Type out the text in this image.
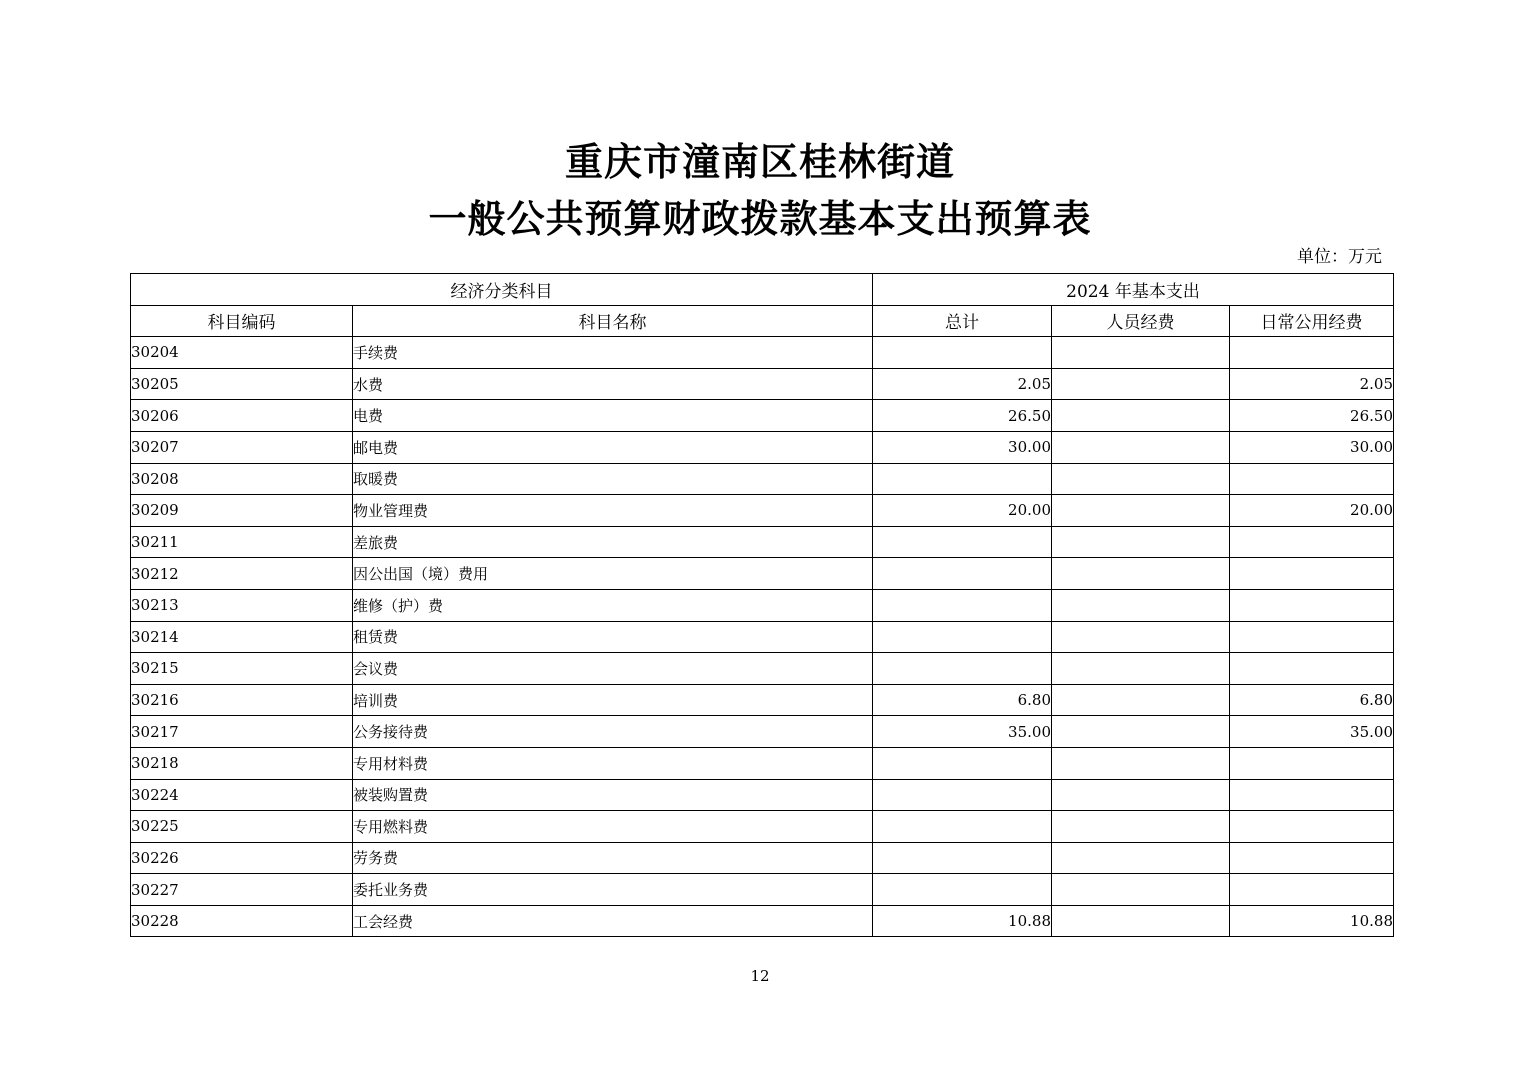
重庆市潼南区桂林街道
一般公共预算财政拨款基本支出预算表
单位：万元
经济分类科目		2024 年基本支出		
科目编码	科目名称	总计	人员经费	日常公用经费
30204	手续费			
30205	水费	2.05		2.05
30206	电费	26.50		26.50
30207	邮电费	30.00		30.00
30208	取暖费			
30209	物业管理费	20.00		20.00
30211	差旅费			
30212	因公出国（境）费用			
30213	维修（护）费			
30214	租赁费			
30215	会议费			
30216	培训费	6.80		6.80
30217	公务接待费	35.00		35.00
30218	专用材料费			
30224	被装购置费			
30225	专用燃料费			
30226	劳务费			
30227	委托业务费			
30228	工会经费	10.88		10.88
12
